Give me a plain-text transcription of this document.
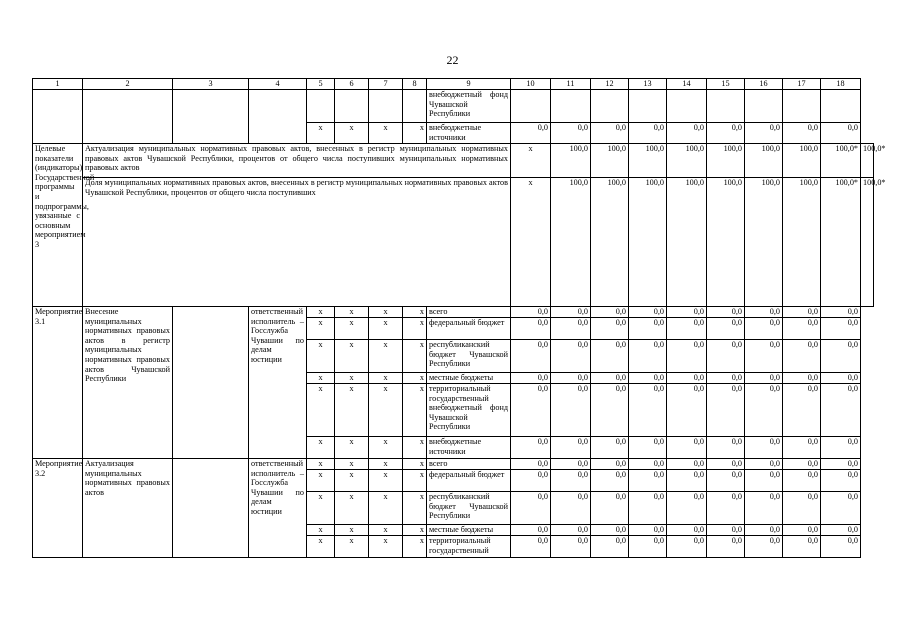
22
1	2	3	4	5	6	7	8	9	10	11	12	13	14	15	16	17	18	
								внебюджетный фонд Чувашской Республики										
				x	x	x	x	внебюджетные источники	0,0	0,0	0,0	0,0	0,0	0,0	0,0	0,0	0,0	
Целевые показатели (индикаторы) Государственной программы и подпрограммы, увязанные с основным мероприятием 3	Актуализация муниципальных нормативных правовых актов, внесенных в регистр муниципальных нормативных правовых актов Чувашской Республики, процентов от общего числа поступивших муниципальных нормативных правовых актов								x	100,0	100,0	100,0	100,0	100,0	100,0	100,0	100,0*	100,0*
	Доля муниципальных нормативных правовых актов, внесенных в регистр муниципальных нормативных правовых актов Чувашской Республики, процентов от общего числа поступивших								x	100,0	100,0	100,0	100,0	100,0	100,0	100,0	100,0*	100,0*
Мероприятие 3.1	Внесение муниципальных нормативных правовых актов в регистр муниципальных нормативных правовых актов Чувашской Республики		ответственный исполнитель – Госслужба Чувашии по делам юстиции	x	x	x	x	всего	0,0	0,0	0,0	0,0	0,0	0,0	0,0	0,0	0,0	
				x	x	x	x	федеральный бюджет	0,0	0,0	0,0	0,0	0,0	0,0	0,0	0,0	0,0	
				x	x	x	x	республиканский бюджет Чувашской Республики	0,0	0,0	0,0	0,0	0,0	0,0	0,0	0,0	0,0	
				x	x	x	x	местные бюджеты	0,0	0,0	0,0	0,0	0,0	0,0	0,0	0,0	0,0	
				x	x	x	x	территориальный государственный внебюджетный фонд Чувашской Республики	0,0	0,0	0,0	0,0	0,0	0,0	0,0	0,0	0,0	
				x	x	x	x	внебюджетные источники	0,0	0,0	0,0	0,0	0,0	0,0	0,0	0,0	0,0	
Мероприятие 3.2	Актуализация муниципальных нормативных правовых актов		ответственный исполнитель – Госслужба Чувашии по делам юстиции	x	x	x	x	всего	0,0	0,0	0,0	0,0	0,0	0,0	0,0	0,0	0,0	
				x	x	x	x	федеральный бюджет	0,0	0,0	0,0	0,0	0,0	0,0	0,0	0,0	0,0	
				x	x	x	x	республиканский бюджет Чувашской Республики	0,0	0,0	0,0	0,0	0,0	0,0	0,0	0,0	0,0	
				x	x	x	x	местные бюджеты	0,0	0,0	0,0	0,0	0,0	0,0	0,0	0,0	0,0	
				x	x	x	x	территориальный государственный	0,0	0,0	0,0	0,0	0,0	0,0	0,0	0,0	0,0	
